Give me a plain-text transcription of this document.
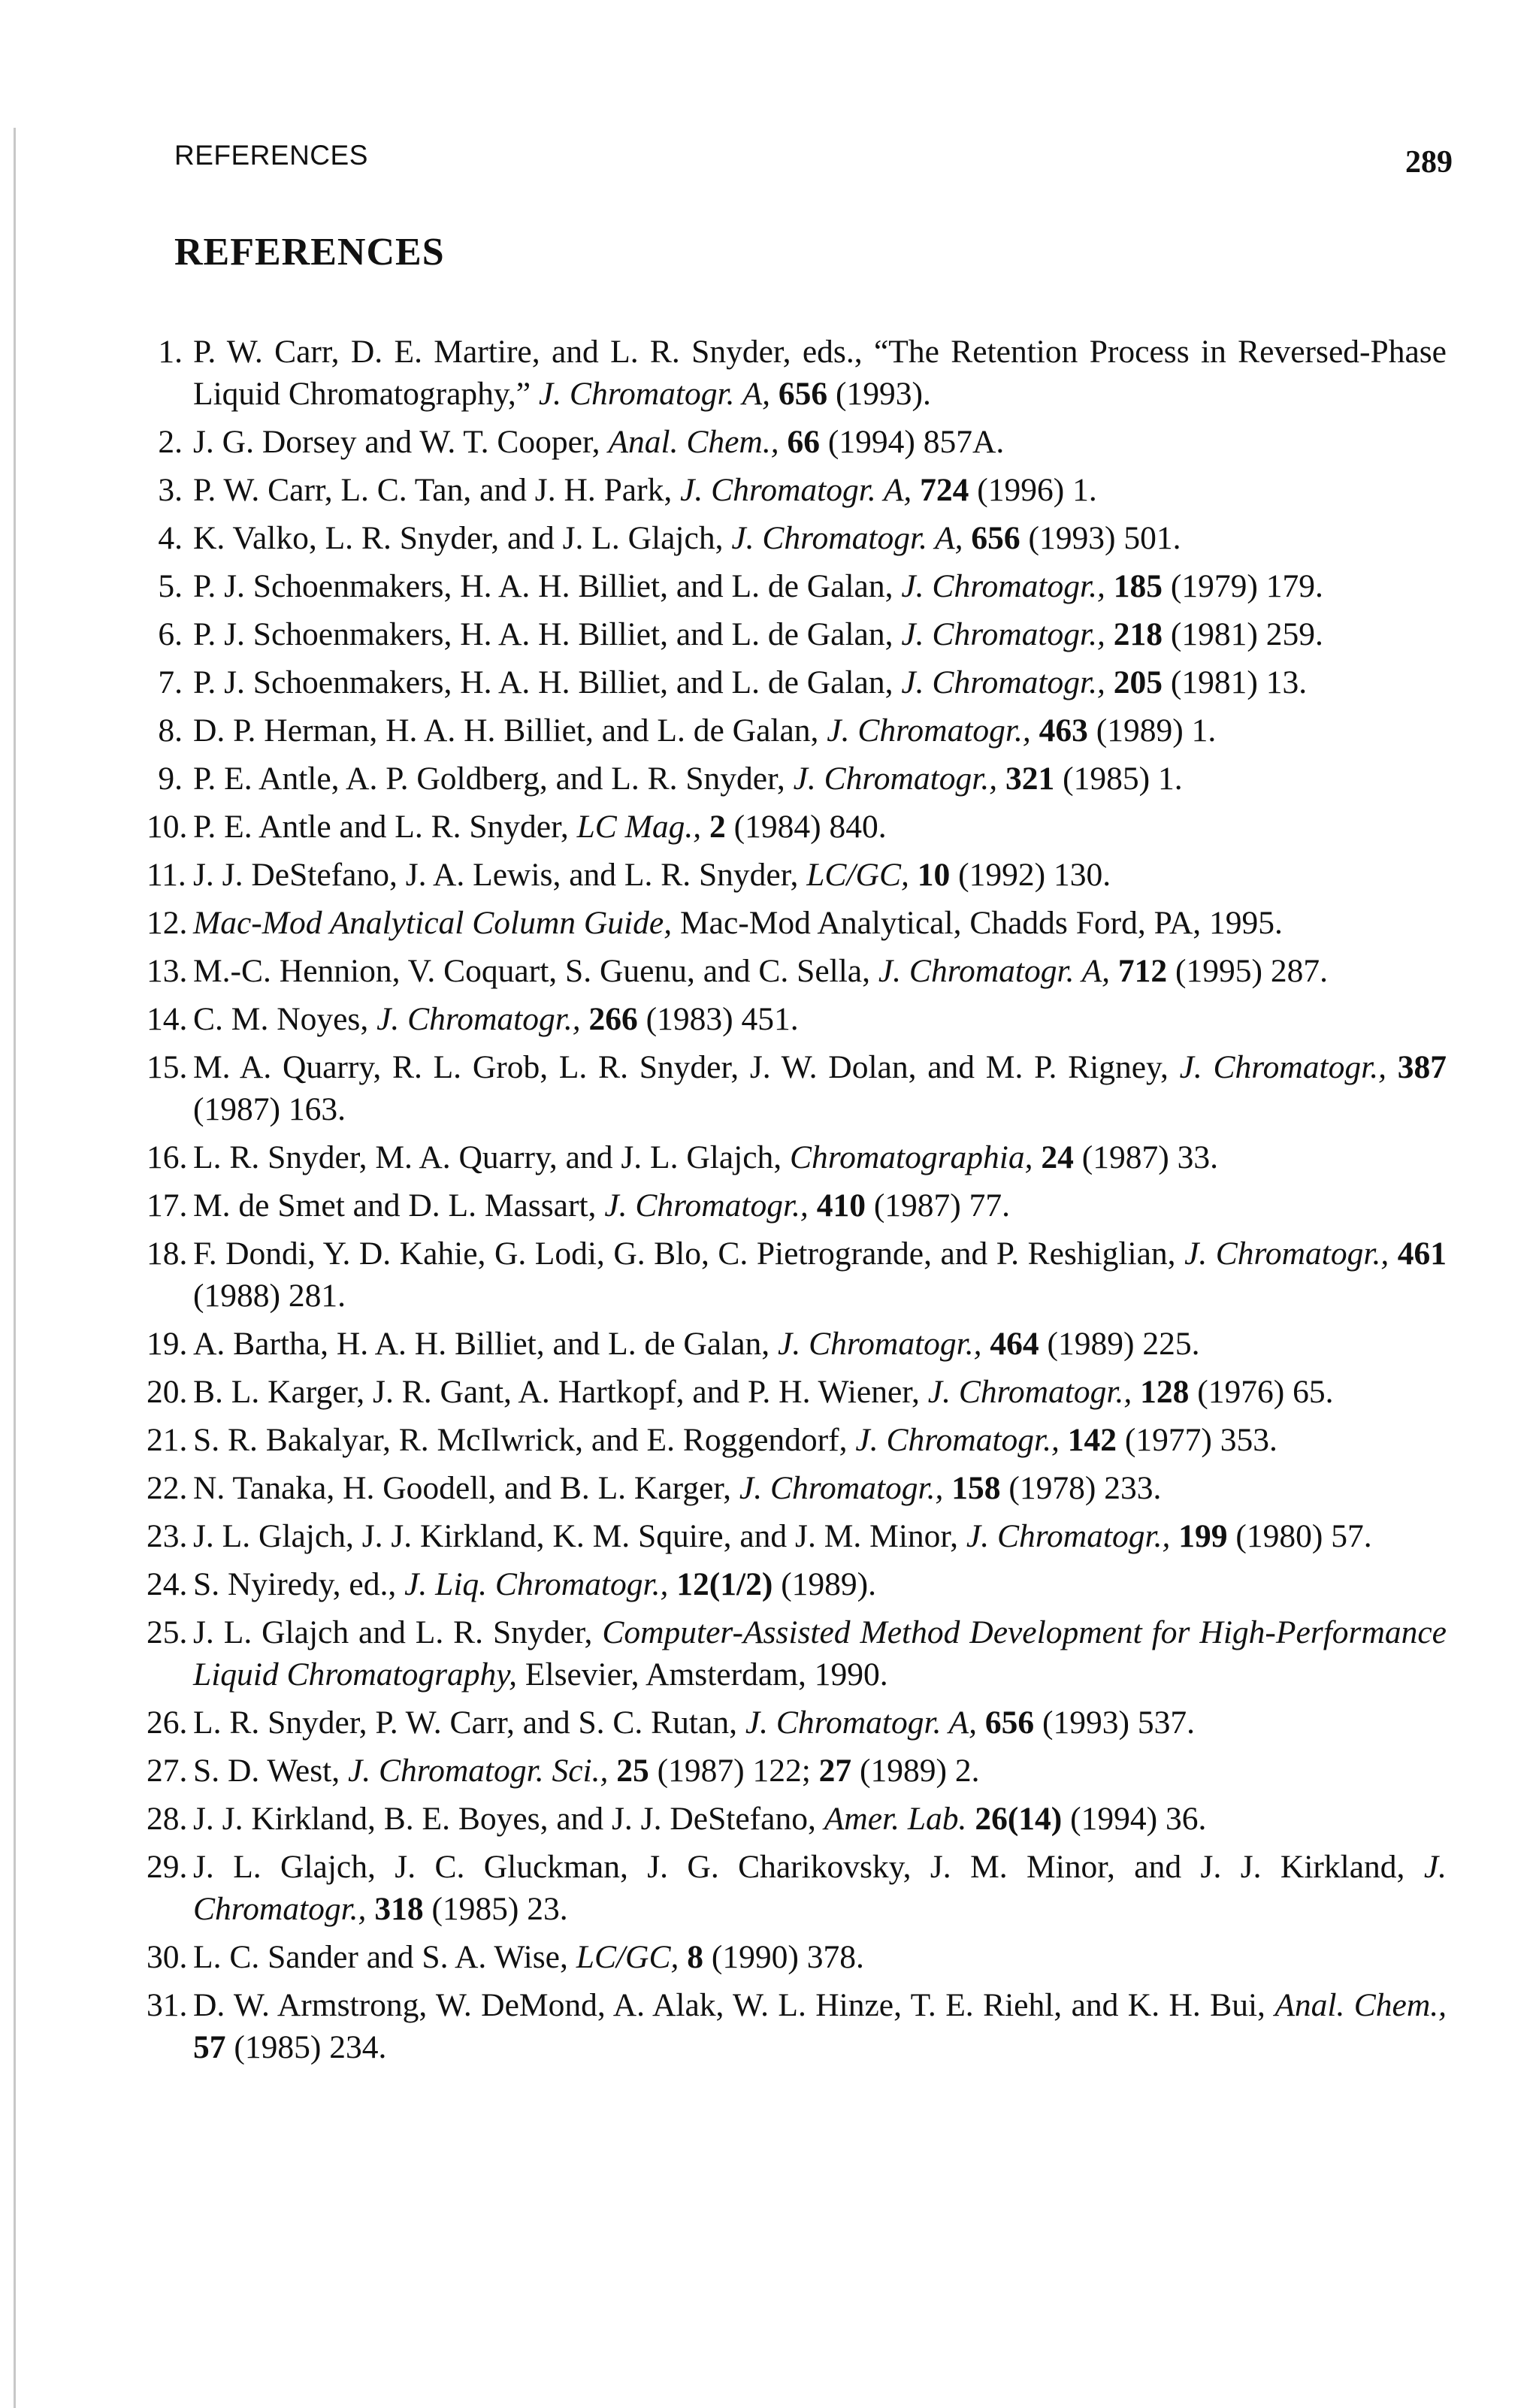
REFERENCES	289
REFERENCES
1. P. W. Carr, D. E. Martire, and L. R. Snyder, eds., “The Retention Process in Reversed-Phase Liquid Chromatography,” J. Chromatogr. A, 656 (1993).
2. J. G. Dorsey and W. T. Cooper, Anal. Chem., 66 (1994) 857A.
3. P. W. Carr, L. C. Tan, and J. H. Park, J. Chromatogr. A, 724 (1996) 1.
4. K. Valko, L. R. Snyder, and J. L. Glajch, J. Chromatogr. A, 656 (1993) 501.
5. P. J. Schoenmakers, H. A. H. Billiet, and L. de Galan, J. Chromatogr., 185 (1979) 179.
6. P. J. Schoenmakers, H. A. H. Billiet, and L. de Galan, J. Chromatogr., 218 (1981) 259.
7. P. J. Schoenmakers, H. A. H. Billiet, and L. de Galan, J. Chromatogr., 205 (1981) 13.
8. D. P. Herman, H. A. H. Billiet, and L. de Galan, J. Chromatogr., 463 (1989) 1.
9. P. E. Antle, A. P. Goldberg, and L. R. Snyder, J. Chromatogr., 321 (1985) 1.
10. P. E. Antle and L. R. Snyder, LC Mag., 2 (1984) 840.
11. J. J. DeStefano, J. A. Lewis, and L. R. Snyder, LC/GC, 10 (1992) 130.
12. Mac-Mod Analytical Column Guide, Mac-Mod Analytical, Chadds Ford, PA, 1995.
13. M.-C. Hennion, V. Coquart, S. Guenu, and C. Sella, J. Chromatogr. A, 712 (1995) 287.
14. C. M. Noyes, J. Chromatogr., 266 (1983) 451.
15. M. A. Quarry, R. L. Grob, L. R. Snyder, J. W. Dolan, and M. P. Rigney, J. Chromatogr., 387 (1987) 163.
16. L. R. Snyder, M. A. Quarry, and J. L. Glajch, Chromatographia, 24 (1987) 33.
17. M. de Smet and D. L. Massart, J. Chromatogr., 410 (1987) 77.
18. F. Dondi, Y. D. Kahie, G. Lodi, G. Blo, C. Pietrogrande, and P. Reshiglian, J. Chromatogr., 461 (1988) 281.
19. A. Bartha, H. A. H. Billiet, and L. de Galan, J. Chromatogr., 464 (1989) 225.
20. B. L. Karger, J. R. Gant, A. Hartkopf, and P. H. Wiener, J. Chromatogr., 128 (1976) 65.
21. S. R. Bakalyar, R. McIlwrick, and E. Roggendorf, J. Chromatogr., 142 (1977) 353.
22. N. Tanaka, H. Goodell, and B. L. Karger, J. Chromatogr., 158 (1978) 233.
23. J. L. Glajch, J. J. Kirkland, K. M. Squire, and J. M. Minor, J. Chromatogr., 199 (1980) 57.
24. S. Nyiredy, ed., J. Liq. Chromatogr., 12(1/2) (1989).
25. J. L. Glajch and L. R. Snyder, Computer-Assisted Method Development for High-Performance Liquid Chromatography, Elsevier, Amsterdam, 1990.
26. L. R. Snyder, P. W. Carr, and S. C. Rutan, J. Chromatogr. A, 656 (1993) 537.
27. S. D. West, J. Chromatogr. Sci., 25 (1987) 122; 27 (1989) 2.
28. J. J. Kirkland, B. E. Boyes, and J. J. DeStefano, Amer. Lab. 26(14) (1994) 36.
29. J. L. Glajch, J. C. Gluckman, J. G. Charikovsky, J. M. Minor, and J. J. Kirkland, J. Chromatogr., 318 (1985) 23.
30. L. C. Sander and S. A. Wise, LC/GC, 8 (1990) 378.
31. D. W. Armstrong, W. DeMond, A. Alak, W. L. Hinze, T. E. Riehl, and K. H. Bui, Anal. Chem., 57 (1985) 234.
